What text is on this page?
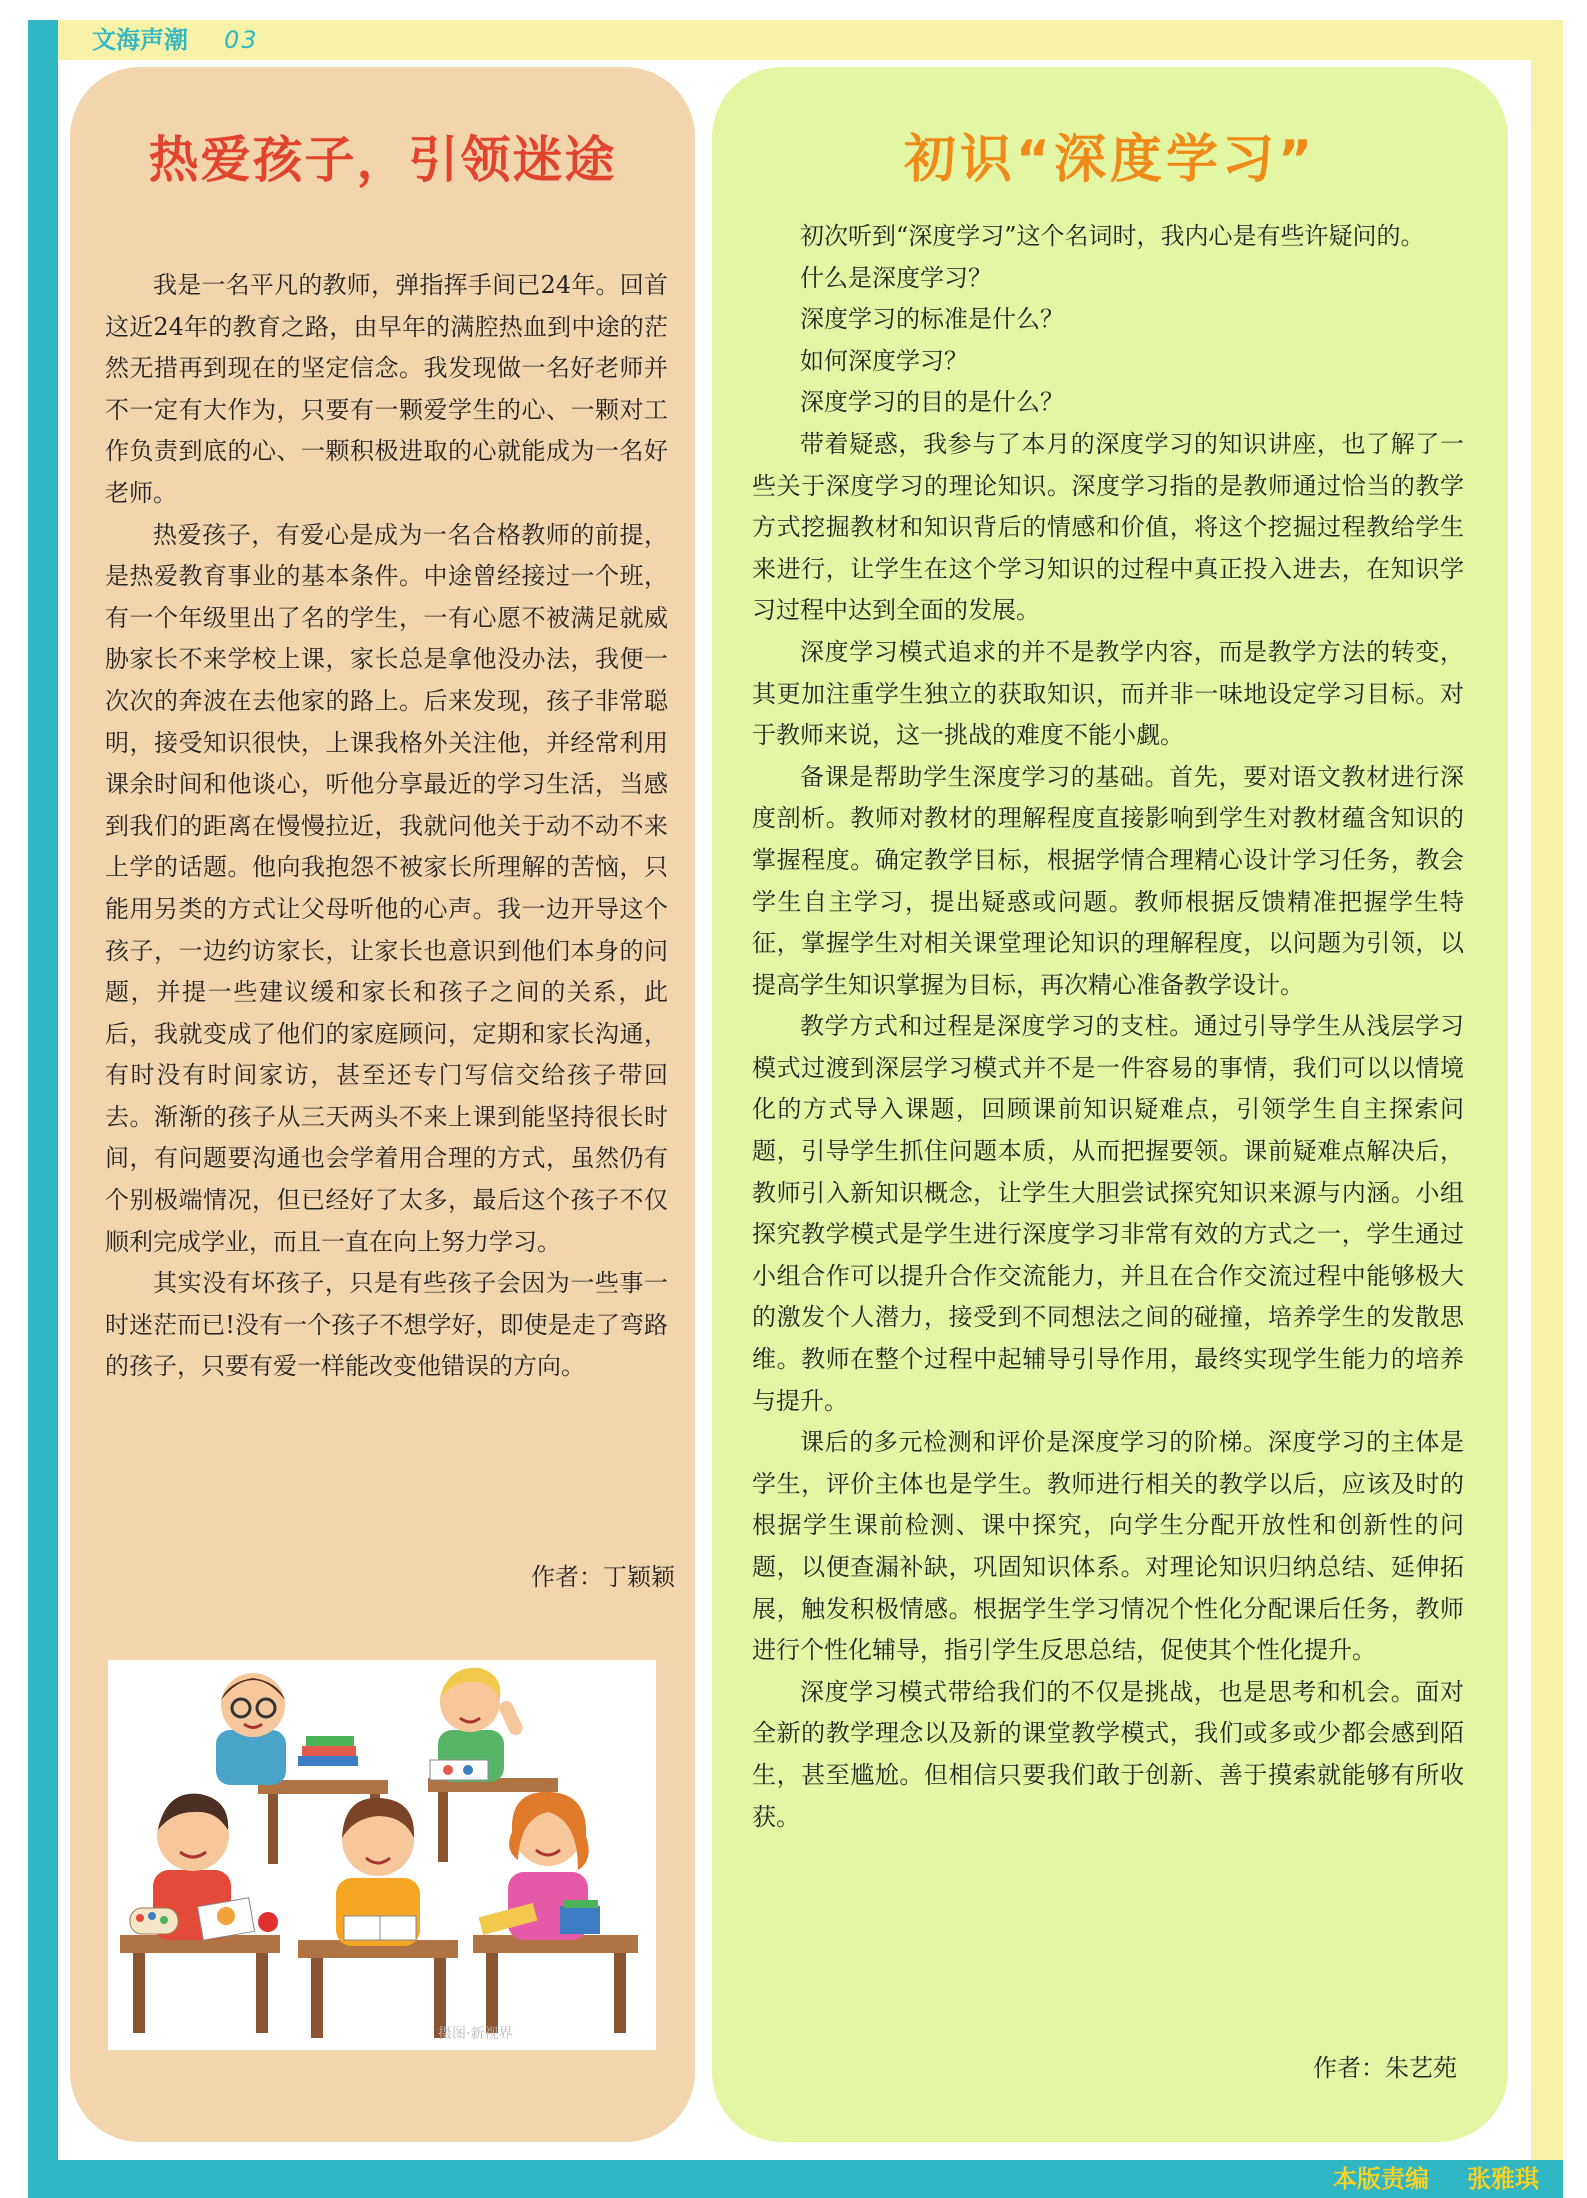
文海声潮 03
本版责编 张雅琪
热爱孩子，引领迷途

我是一名平凡的教师，弹指挥手间已24年。回首这近24年的教育之路，由早年的满腔热血到中途的茫然无措再到现在的坚定信念。我发现做一名好老师并不一定有大作为，只要有一颗爱学生的心、一颗对工作负责到底的心、一颗积极进取的心就能成为一名好老师。

热爱孩子，有爱心是成为一名合格教师的前提，是热爱教育事业的基本条件。中途曾经接过一个班，有一个年级里出了名的学生，一有心愿不被满足就威胁家长不来学校上课，家长总是拿他没办法，我便一次次的奔波在去他家的路上。后来发现，孩子非常聪明，接受知识很快，上课我格外关注他，并经常利用课余时间和他谈心，听他分享最近的学习生活，当感到我们的距离在慢慢拉近，我就问他关于动不动不来上学的话题。他向我抱怨不被家长所理解的苦恼，只能用另类的方式让父母听他的心声。我一边开导这个孩子，一边约访家长，让家长也意识到他们本身的问题，并提一些建议缓和家长和孩子之间的关系，此后，我就变成了他们的家庭顾问，定期和家长沟通，有时没有时间家访，甚至还专门写信交给孩子带回去。渐渐的孩子从三天两头不来上课到能坚持很长时间，有问题要沟通也会学着用合理的方式，虽然仍有个别极端情况，但已经好了太多，最后这个孩子不仅顺利完成学业，而且一直在向上努力学习。

其实没有坏孩子，只是有些孩子会因为一些事一时迷茫而已!没有一个孩子不想学好，即使是走了弯路的孩子，只要有爱一样能改变他错误的方向。

作者：丁颖颖
摄图·新视界
初识“深度学习”

初次听到“深度学习”这个名词时，我内心是有些许疑问的。

什么是深度学习？

深度学习的标准是什么？

如何深度学习？

深度学习的目的是什么？

带着疑惑，我参与了本月的深度学习的知识讲座，也了解了一些关于深度学习的理论知识。深度学习指的是教师通过恰当的教学方式挖掘教材和知识背后的情感和价值，将这个挖掘过程教给学生来进行，让学生在这个学习知识的过程中真正投入进去，在知识学习过程中达到全面的发展。

深度学习模式追求的并不是教学内容，而是教学方法的转变，其更加注重学生独立的获取知识，而并非一味地设定学习目标。对于教师来说，这一挑战的难度不能小觑。

备课是帮助学生深度学习的基础。首先，要对语文教材进行深度剖析。教师对教材的理解程度直接影响到学生对教材蕴含知识的掌握程度。确定教学目标，根据学情合理精心设计学习任务，教会学生自主学习，提出疑惑或问题。教师根据反馈精准把握学生特征，掌握学生对相关课堂理论知识的理解程度，以问题为引领，以提高学生知识掌握为目标，再次精心准备教学设计。

教学方式和过程是深度学习的支柱。通过引导学生从浅层学习模式过渡到深层学习模式并不是一件容易的事情，我们可以以情境化的方式导入课题，回顾课前知识疑难点，引领学生自主探索问题，引导学生抓住问题本质，从而把握要领。课前疑难点解决后，教师引入新知识概念，让学生大胆尝试探究知识来源与内涵。小组探究教学模式是学生进行深度学习非常有效的方式之一，学生通过小组合作可以提升合作交流能力，并且在合作交流过程中能够极大的激发个人潜力，接受到不同想法之间的碰撞，培养学生的发散思维。教师在整个过程中起辅导引导作用，最终实现学生能力的培养与提升。

课后的多元检测和评价是深度学习的阶梯。深度学习的主体是学生，评价主体也是学生。教师进行相关的教学以后，应该及时的根据学生课前检测、课中探究，向学生分配开放性和创新性的问题，以便查漏补缺，巩固知识体系。对理论知识归纳总结、延伸拓展，触发积极情感。根据学生学习情况个性化分配课后任务，教师进行个性化辅导，指引学生反思总结，促使其个性化提升。

深度学习模式带给我们的不仅是挑战，也是思考和机会。面对全新的教学理念以及新的课堂教学模式，我们或多或少都会感到陌生，甚至尴尬。但相信只要我们敢于创新、善于摸索就能够有所收获。

作者：朱艺苑
